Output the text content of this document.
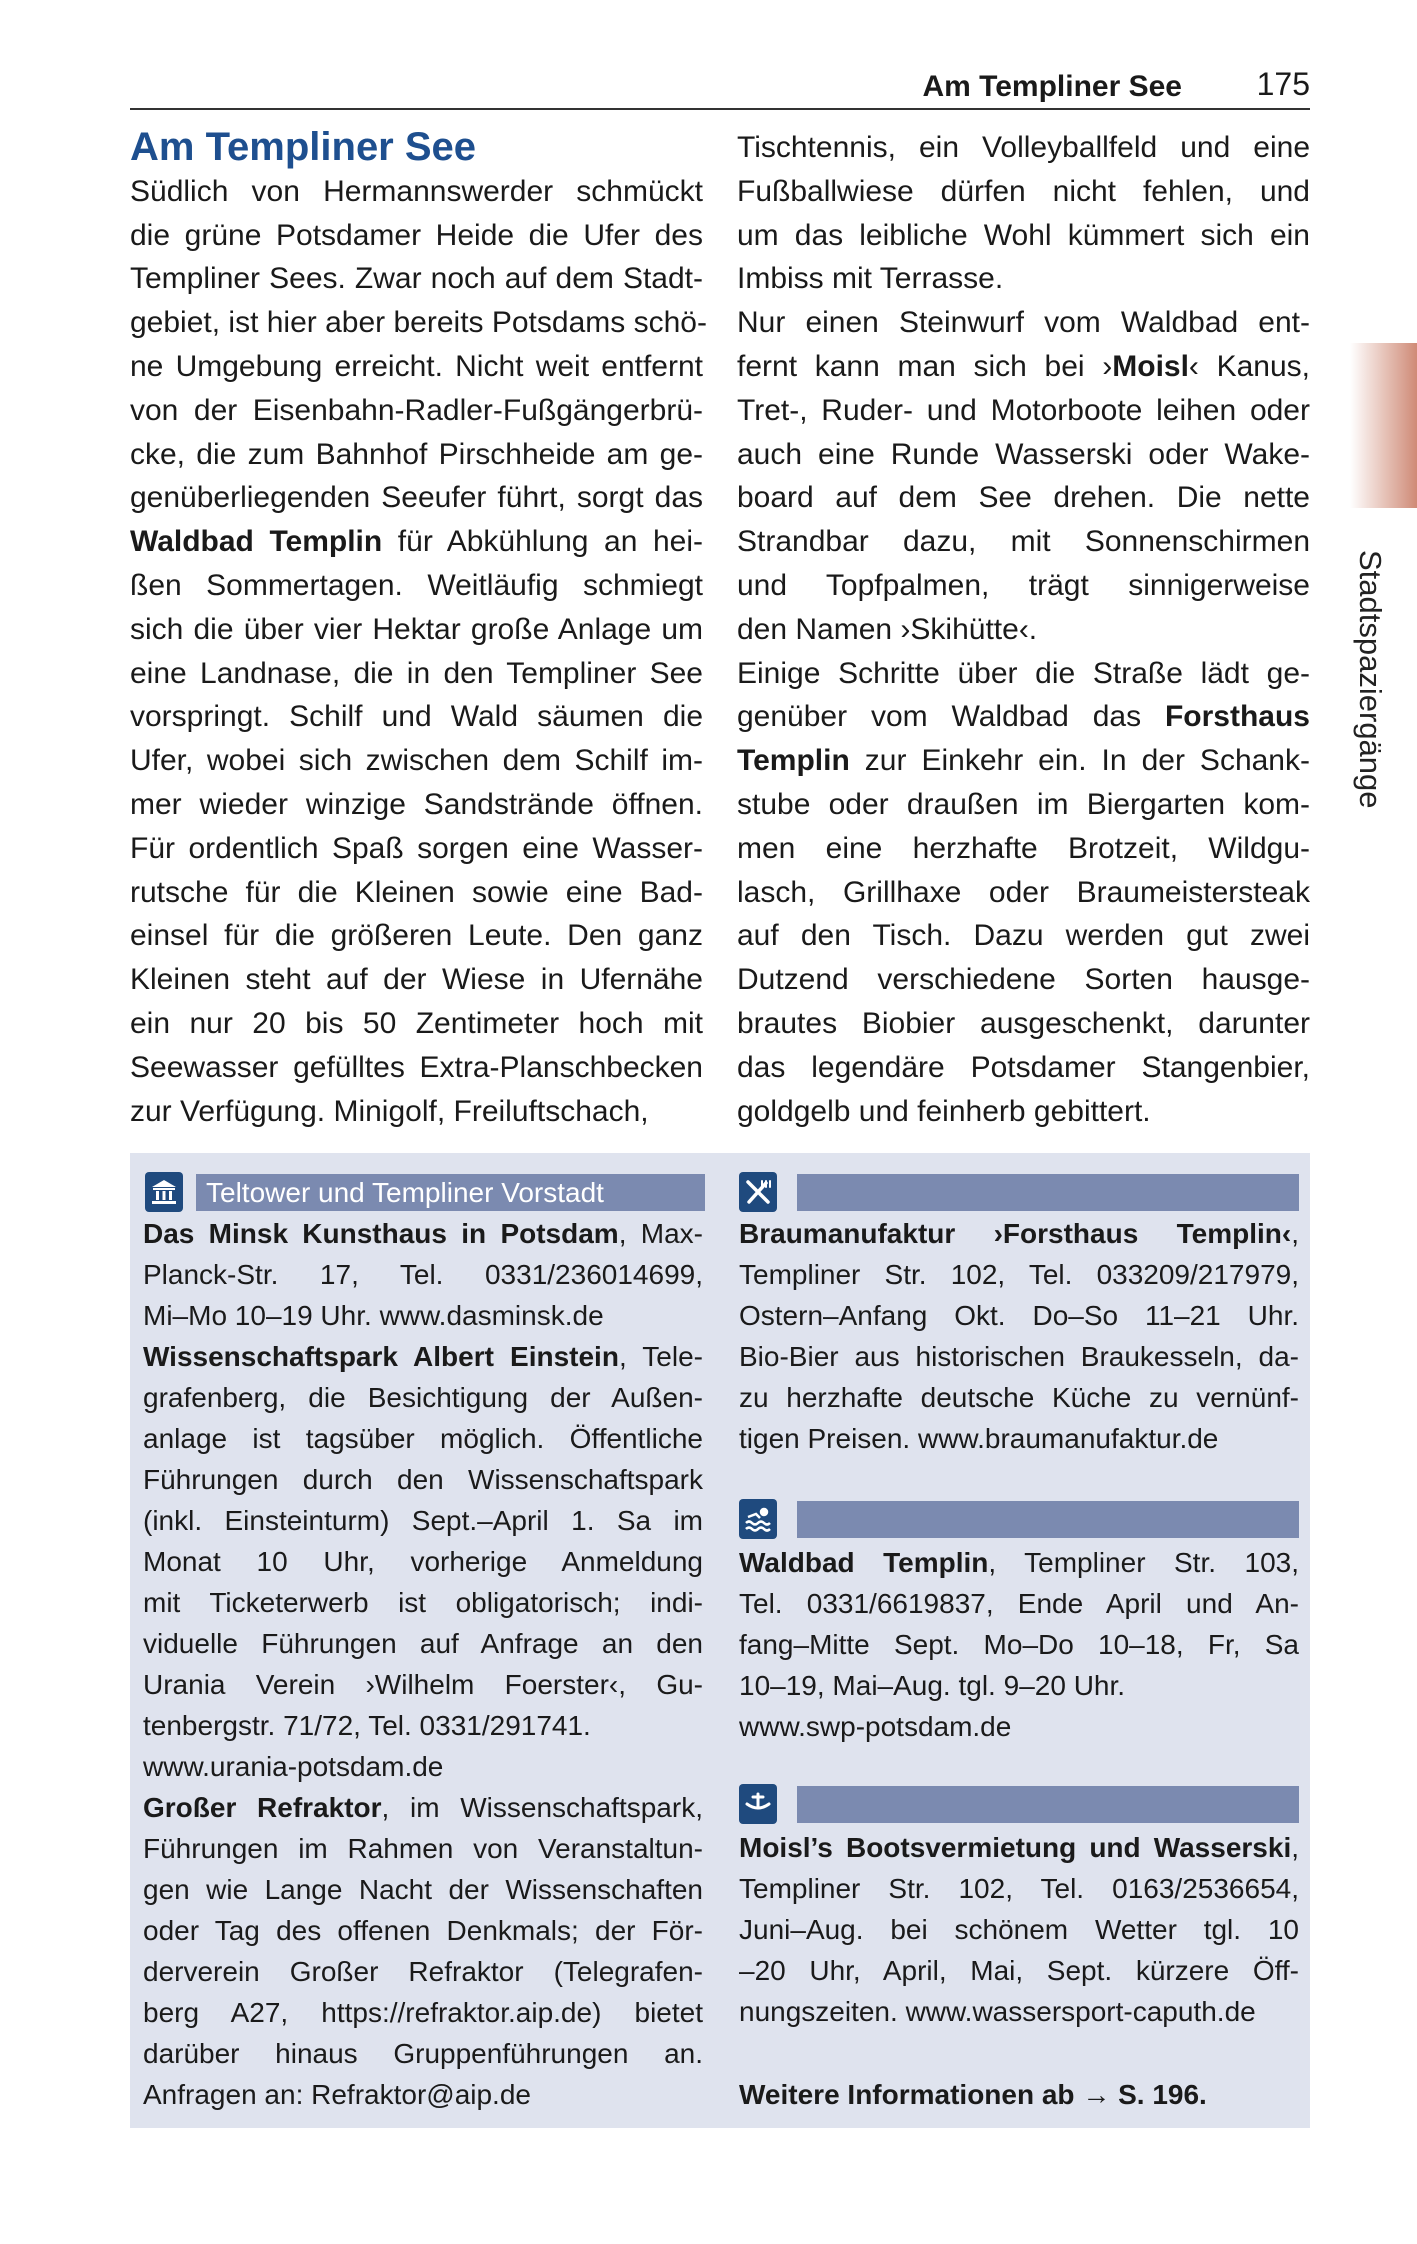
Am Templiner See	175
Stadtspaziergänge
Am Templiner See
Südlich von Hermannswerder schmückt
die grüne Potsdamer Heide die Ufer des
Templiner Sees. Zwar noch auf dem Stadt-
gebiet, ist hier aber bereits Potsdams schö-
ne Umgebung erreicht. Nicht weit entfernt
von der Eisenbahn-Radler-Fußgängerbrü-
cke, die zum Bahnhof Pirschheide am ge-
genüberliegenden Seeufer führt, sorgt das
Waldbad Templin für Abkühlung an hei-
ßen Sommertagen. Weitläufig schmiegt
sich die über vier Hektar große Anlage um
eine Landnase, die in den Templiner See
vorspringt. Schilf und Wald säumen die
Ufer, wobei sich zwischen dem Schilf im-
mer wieder winzige Sandstrände öffnen.
Für ordentlich Spaß sorgen eine Wasser-
rutsche für die Kleinen sowie eine Bad-
einsel für die größeren Leute. Den ganz
Kleinen steht auf der Wiese in Ufernähe
ein nur 20 bis 50 Zentimeter hoch mit
Seewasser gefülltes Extra-Planschbecken
zur Verfügung. Minigolf, Freiluftschach,
Tischtennis, ein Volleyballfeld und eine
Fußballwiese dürfen nicht fehlen, und
um das leibliche Wohl kümmert sich ein
Imbiss mit Terrasse.
Nur einen Steinwurf vom Waldbad ent-
fernt kann man sich bei ›Moisl‹ Kanus,
Tret-, Ruder- und Motorboote leihen oder
auch eine Runde Wasserski oder Wake-
board auf dem See drehen. Die nette
Strandbar dazu, mit Sonnenschirmen
und Topfpalmen, trägt sinnigerweise
den Namen ›Skihütte‹.
Einige Schritte über die Straße lädt ge-
genüber vom Waldbad das Forsthaus
Templin zur Einkehr ein. In der Schank-
stube oder draußen im Biergarten kom-
men eine herzhafte Brotzeit, Wildgu-
lasch, Grillhaxe oder Braumeistersteak
auf den Tisch. Dazu werden gut zwei
Dutzend verschiedene Sorten hausge-
brautes Biobier ausgeschenkt, darunter
das legendäre Potsdamer Stangenbier,
goldgelb und feinherb gebittert.
Teltower und Templiner Vorstadt
Das Minsk Kunsthaus in Potsdam, Max-
Planck-Str. 17, Tel. 0331/236014699,
Mi–Mo 10–19 Uhr. www.dasminsk.de
Wissenschaftspark Albert Einstein, Tele-
grafenberg, die Besichtigung der Außen-
anlage ist tagsüber möglich. Öffentliche
Führungen durch den Wissenschaftspark
(inkl. Einsteinturm) Sept.–April 1. Sa im
Monat 10 Uhr, vorherige Anmeldung
mit Ticketerwerb ist obligatorisch; indi-
viduelle Führungen auf Anfrage an den
Urania Verein ›Wilhelm Foerster‹, Gu-
tenbergstr. 71/72, Tel. 0331/291741.
www.urania-potsdam.de
Großer Refraktor, im Wissenschaftspark,
Führungen im Rahmen von Veranstaltun-
gen wie Lange Nacht der Wissenschaften
oder Tag des offenen Denkmals; der För-
derverein Großer Refraktor (Telegrafen-
berg A27, https://refraktor.aip.de) bietet
darüber hinaus Gruppenführungen an.
Anfragen an: Refraktor@aip.de
Braumanufaktur ›Forsthaus Templin‹,
Templiner Str. 102, Tel. 033209/217979,
Ostern–Anfang Okt. Do–So 11–21 Uhr.
Bio-Bier aus historischen Braukesseln, da-
zu herzhafte deutsche Küche zu vernünf-
tigen Preisen. www.braumanufaktur.de
Waldbad Templin, Templiner Str. 103,
Tel. 0331/6619837, Ende April und An-
fang–Mitte Sept. Mo–Do 10–18, Fr, Sa
10–19, Mai–Aug. tgl. 9–20 Uhr.
www.swp-potsdam.de
Moisl’s Bootsvermietung und Wasserski,
Templiner Str. 102, Tel. 0163/2536654,
Juni–Aug. bei schönem Wetter tgl. 10
–20 Uhr, April, Mai, Sept. kürzere Öff-
nungszeiten. www.wassersport-caputh.de
Weitere Informationen ab → S. 196.
